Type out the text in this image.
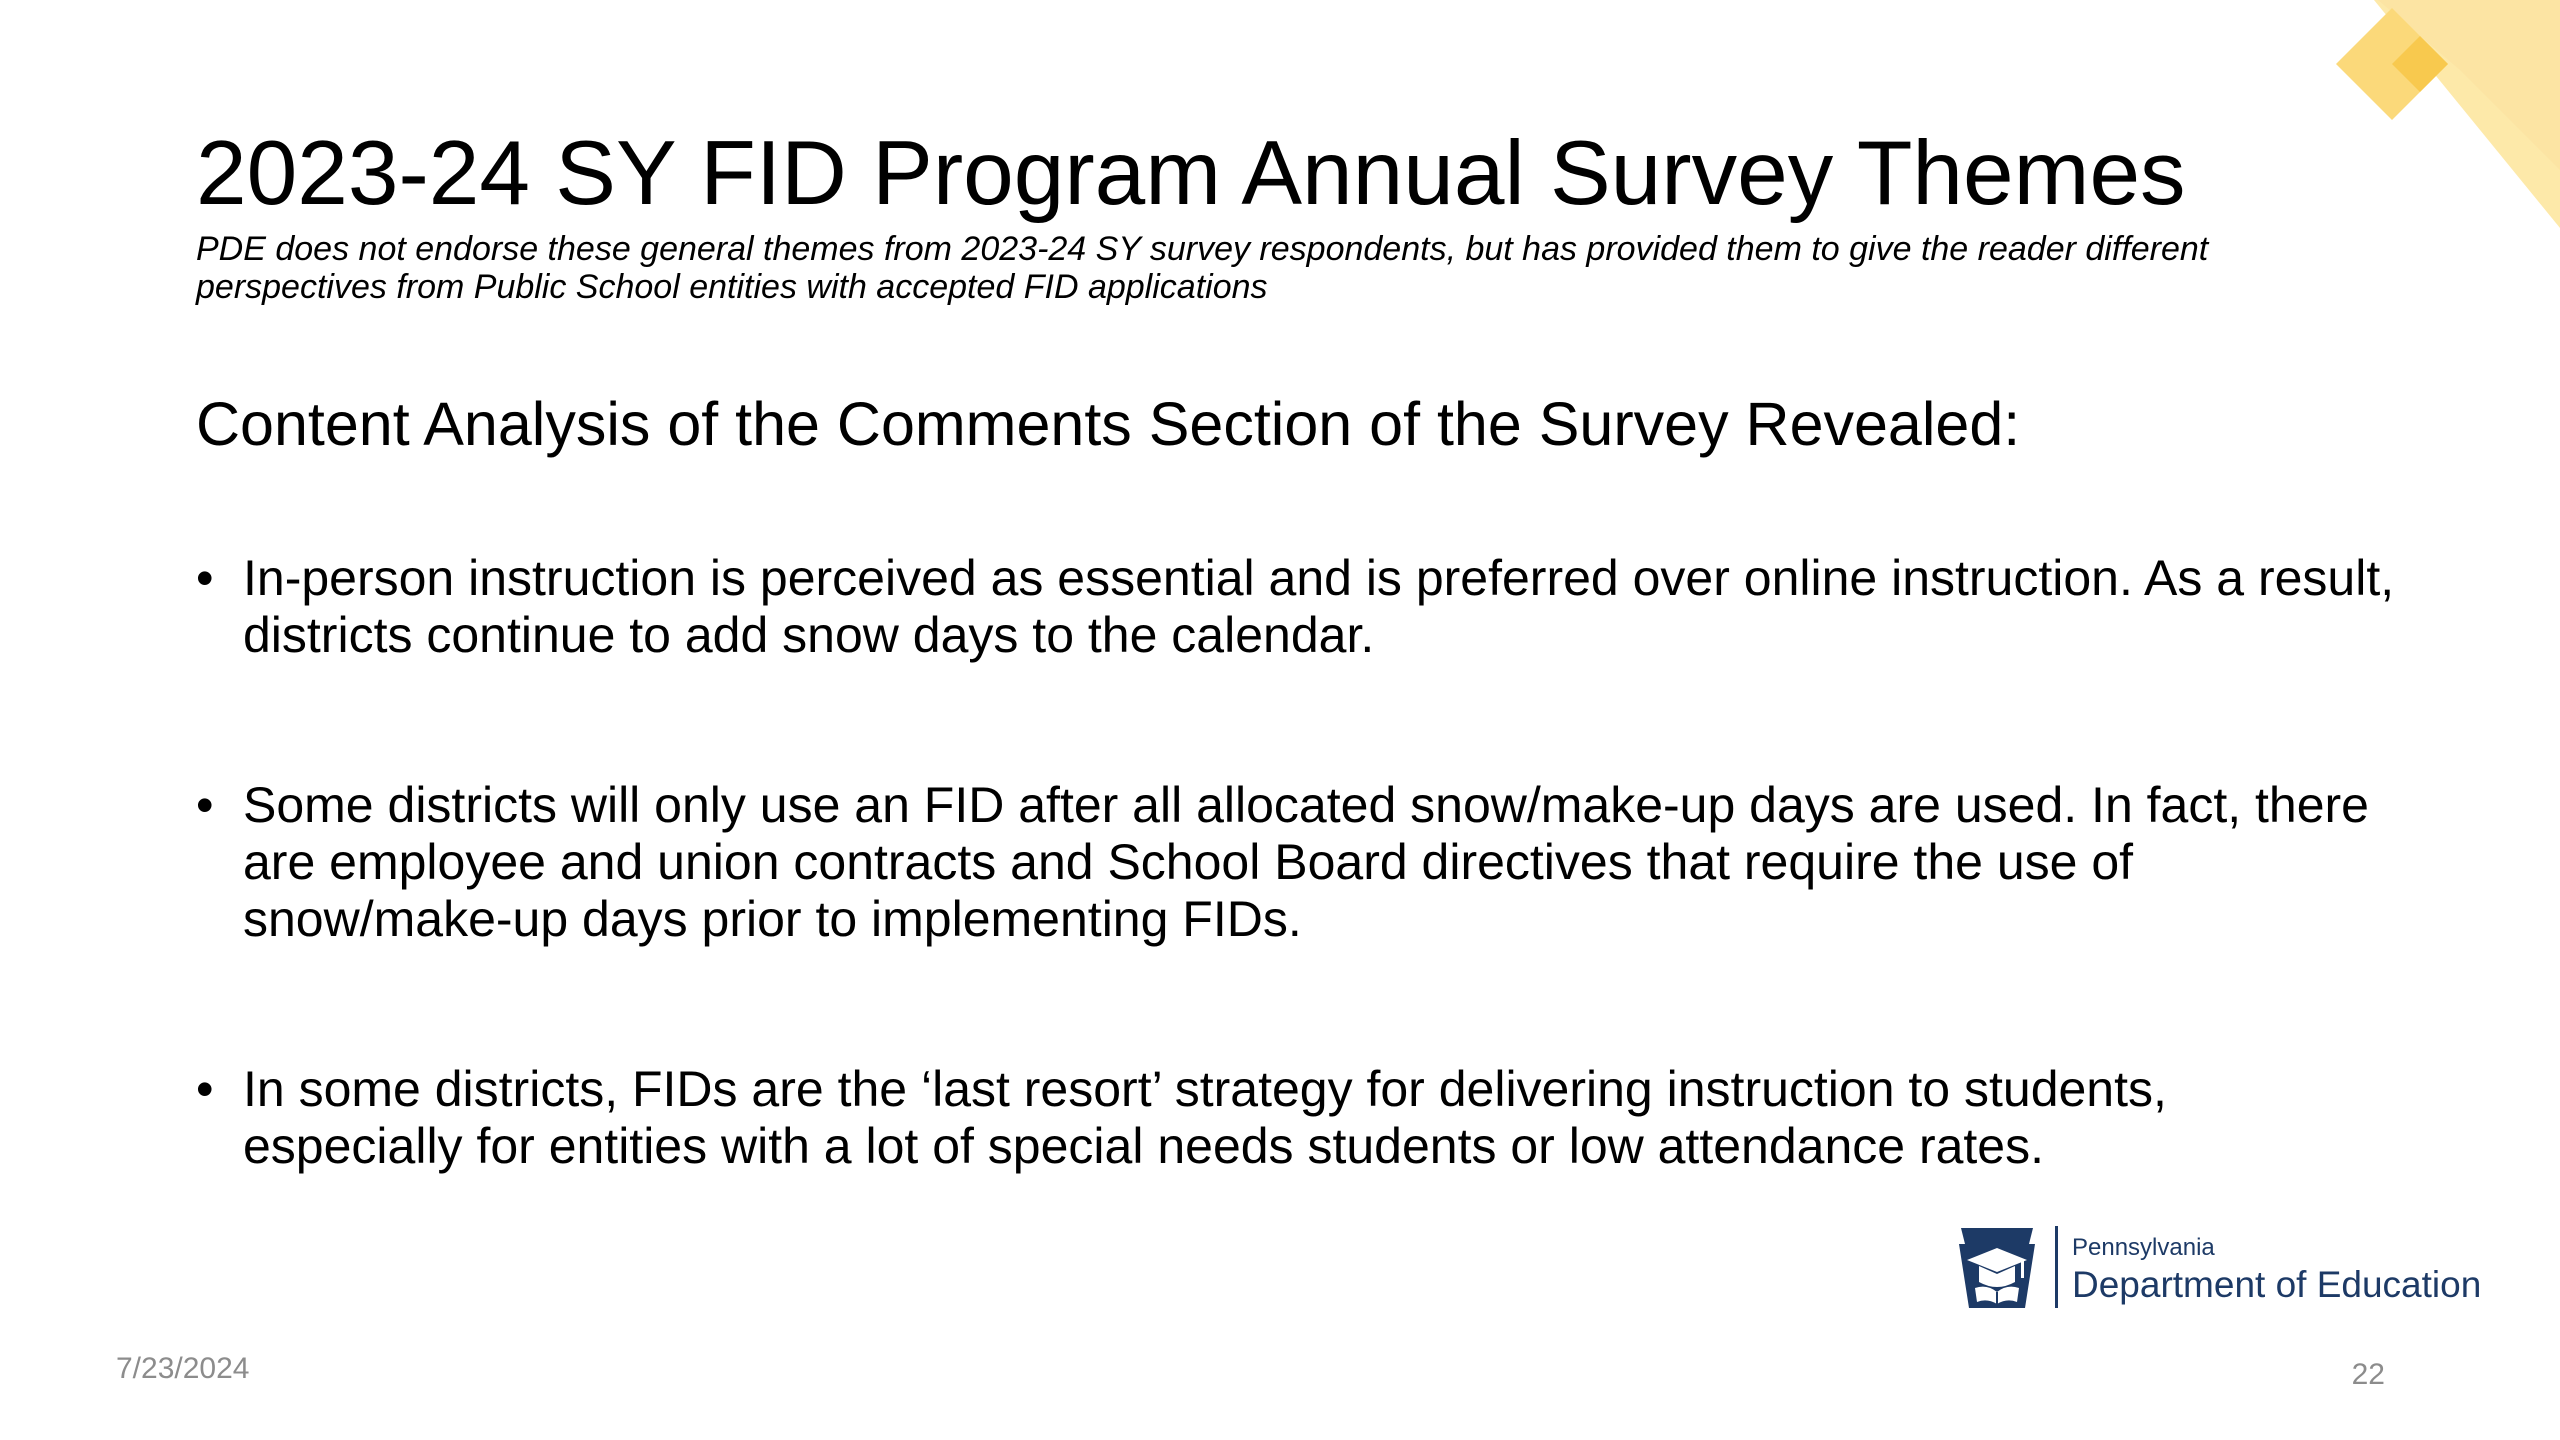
2023-24 SY FID Program Annual Survey Themes
PDE does not endorse these general themes from 2023-24 SY survey respondents, but has provided them to give the reader different perspectives from Public School entities with accepted FID applications
Content Analysis of the Comments Section of the Survey Revealed:
• In-person instruction is perceived as essential and is preferred over online instruction. As a result, districts continue to add snow days to the calendar.
• Some districts will only use an FID after all allocated snow/make-up days are used. In fact, there are employee and union contracts and School Board directives that require the use of snow/make-up days prior to implementing FIDs.
• In some districts, FIDs are the ‘last resort’ strategy for delivering instruction to students, especially for entities with a lot of special needs students or low attendance rates.
Pennsylvania
Department of Education
7/23/2024	22
